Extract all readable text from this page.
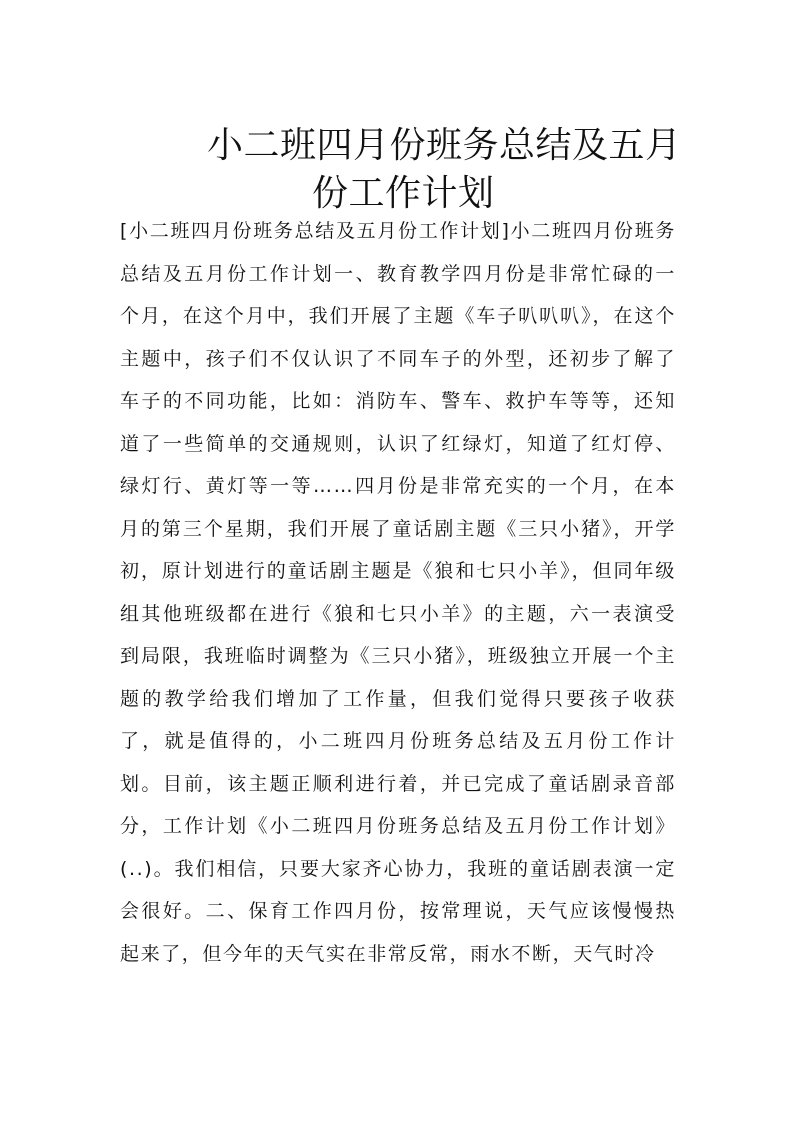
小二班四月份班务总结及五月
份工作计划

[小二班四月份班务总结及五月份工作计划]小二班四月份班务总结及五月份工作计划一、教育教学四月份是非常忙碌的一个月，在这个月中，我们开展了主题《车子叭叭叭》，在这个主题中，孩子们不仅认识了不同车子的外型，还初步了解了车子的不同功能，比如：消防车、警车、救护车等等，还知道了一些简单的交通规则，认识了红绿灯，知道了红灯停、绿灯行、黄灯等一等……四月份是非常充实的一个月，在本月的第三个星期，我们开展了童话剧主题《三只小猪》，开学初，原计划进行的童话剧主题是《狼和七只小羊》，但同年级组其他班级都在进行《狼和七只小羊》的主题，六一表演受到局限，我班临时调整为《三只小猪》，班级独立开展一个主题的教学给我们增加了工作量，但我们觉得只要孩子收获了，就是值得的，小二班四月份班务总结及五月份工作计划。目前，该主题正顺利进行着，并已完成了童话剧录音部分，工作计划《小二班四月份班务总结及五月份工作计划》(..)。我们相信，只要大家齐心协力，我班的童话剧表演一定会很好。二、保育工作四月份，按常理说，天气应该慢慢热起来了，但今年的天气实在非常反常，雨水不断，天气时冷
